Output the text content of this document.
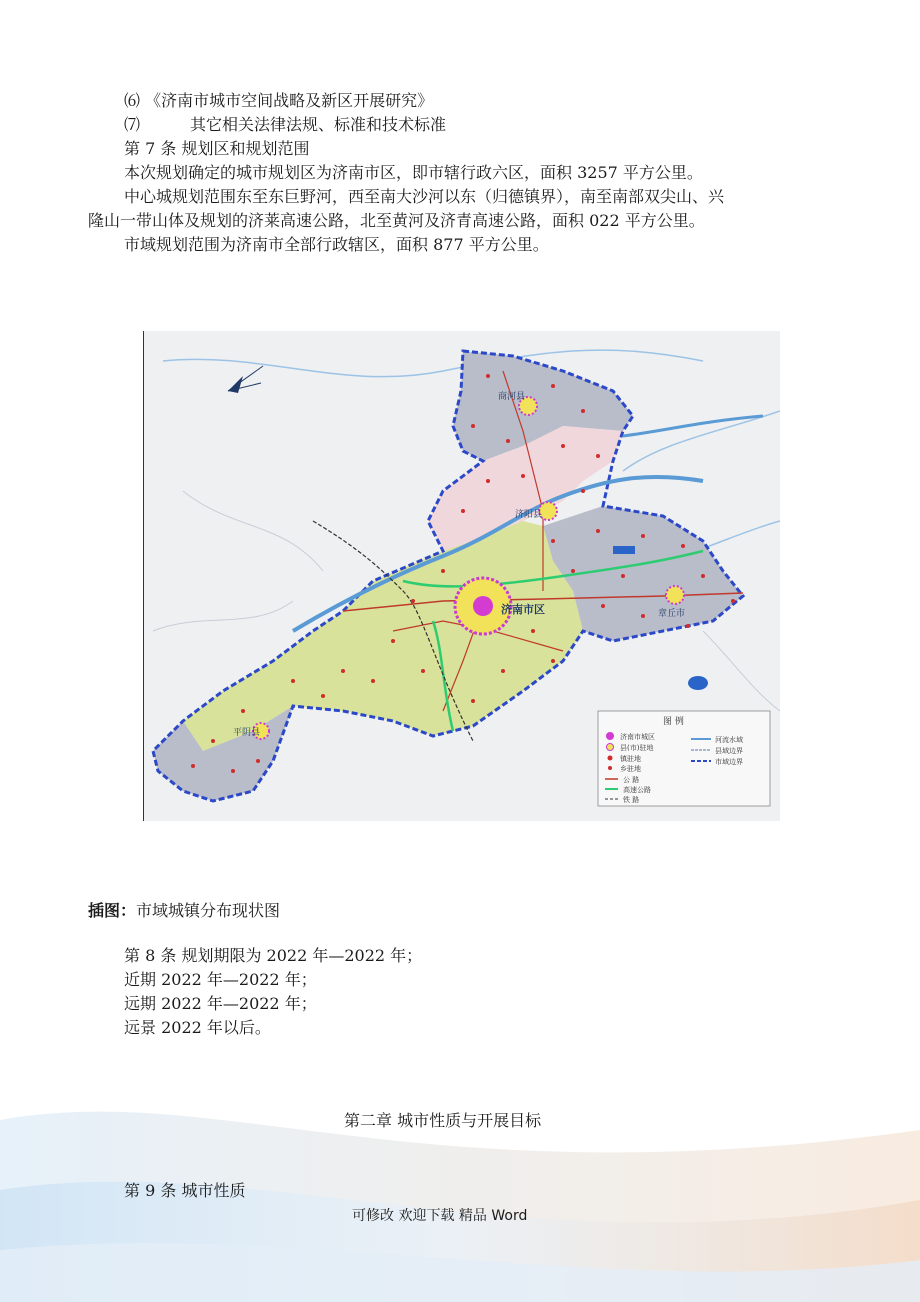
⑹ 《济南市城市空间战略及新区开展研究》
⑺	其它相关法律法规、标准和技术标准
第 7 条 规划区和规划范围
本次规划确定的城市规划区为济南市区，即市辖行政六区，面积 3257 平方公里。
中心城规划范围东至东巨野河，西至南大沙河以东（归德镇界），南至南部双尖山、兴
隆山一带山体及规划的济莱高速公路，北至黄河及济青高速公路，面积 022 平方公里。
市域规划范围为济南市全部行政辖区，面积 877 平方公里。
济南市区
商河县
济阳县
章丘市
平阴县
图 例
济南市城区
县(市)驻地
镇驻地
乡驻地
公 路
高速公路
铁 路
河流水域
县域边界
市域边界
插图：市域城镇分布现状图
第 8 条 规划期限为 2022 年—2022 年；
近期 2022 年—2022 年；
远期 2022 年—2022 年；
远景 2022 年以后。
第二章 城市性质与开展目标
第 9 条 城市性质
可修改 欢迎下载 精品 Word
